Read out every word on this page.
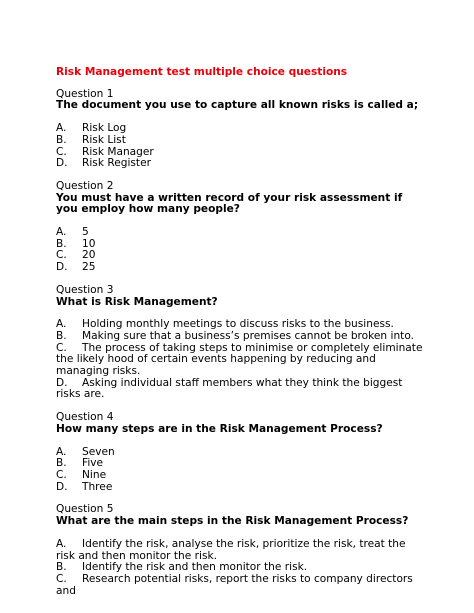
Risk Management test multiple choice questions
Question 1
The document you use to capture all known risks is called a;
A. Risk Log
B. Risk List
C. Risk Manager
D. Risk Register
Question 2
You must have a written record of your risk assessment if you employ how many people?
A. 5
B. 10
C. 20
D. 25
Question 3
What is Risk Management?
A. Holding monthly meetings to discuss risks to the business.
B. Making sure that a business’s premises cannot be broken into.
C. The process of taking steps to minimise or completely eliminate the likely hood of certain events happening by reducing and managing risks.
D. Asking individual staff members what they think the biggest risks are.
Question 4
How many steps are in the Risk Management Process?
A. Seven
B. Five
C. Nine
D. Three
Question 5
What are the main steps in the Risk Management Process?
A. Identify the risk, analyse the risk, prioritize the risk, treat the risk and then monitor the risk.
B. Identify the risk and then monitor the risk.
C. Research potential risks, report the risks to company directors and
